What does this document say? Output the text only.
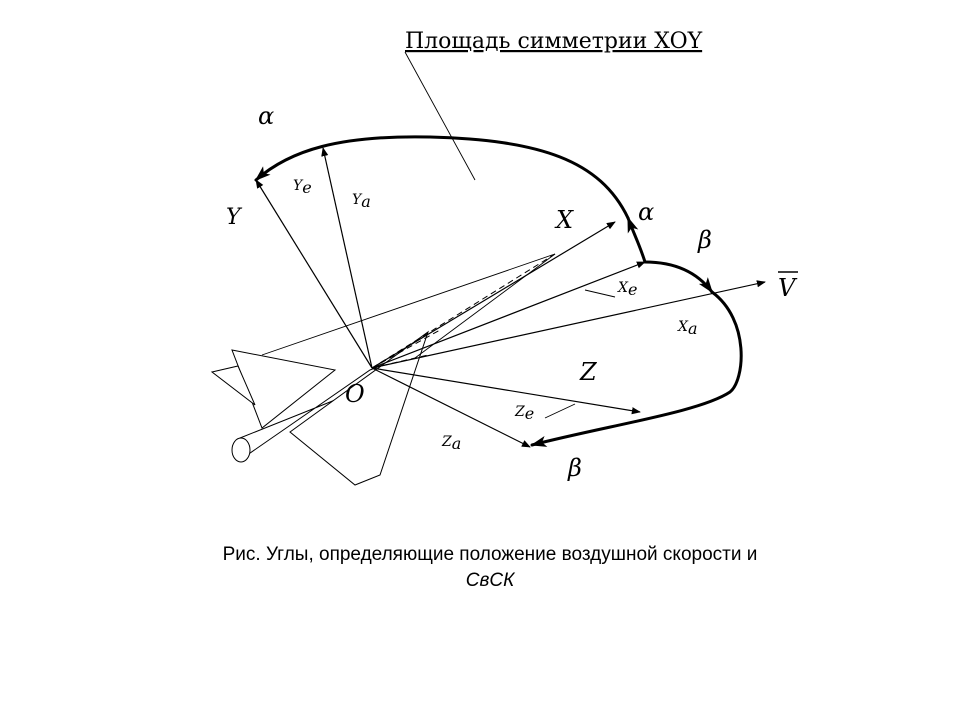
Площадь симметрии XOY
α
α
β
β
Y
Ye
Ya
X
Xe
Xa
V
Z
Ze
Za
O
Рис. Углы, определяющие положение воздушной скорости и
СвСК
